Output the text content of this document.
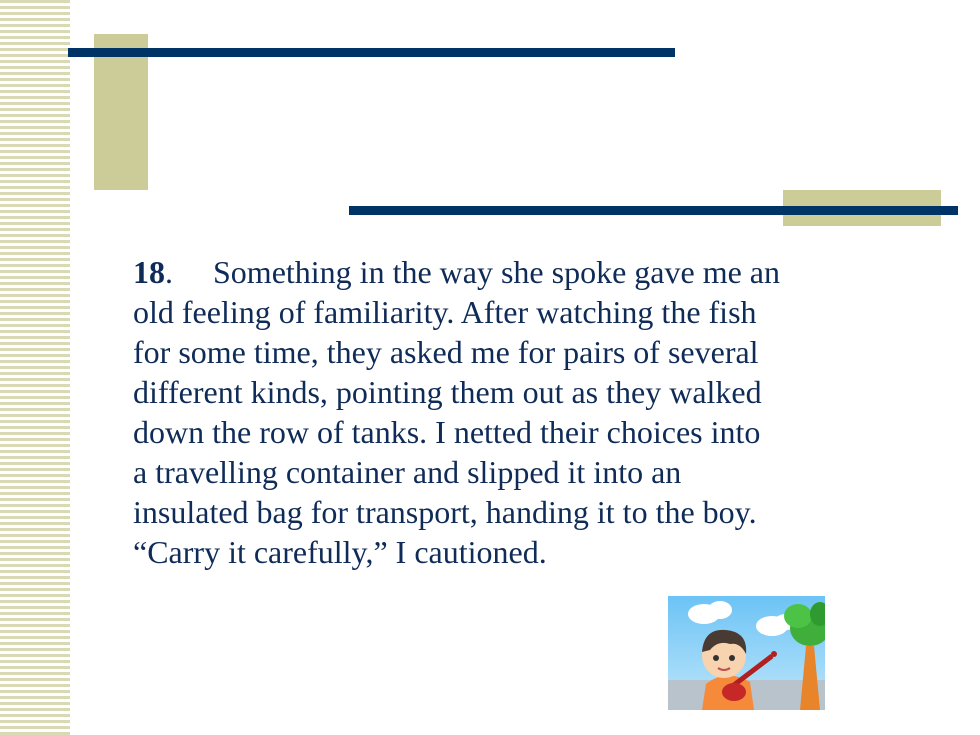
18.     Something in the way she spoke gave me an
old feeling of familiarity. After watching the fish
for some time, they asked me for pairs of several
different kinds, pointing them out as they walked
down the row of tanks. I netted their choices into
a travelling container and slipped it into an
insulated bag for transport, handing it to the boy.
“Carry it carefully,” I cautioned.
